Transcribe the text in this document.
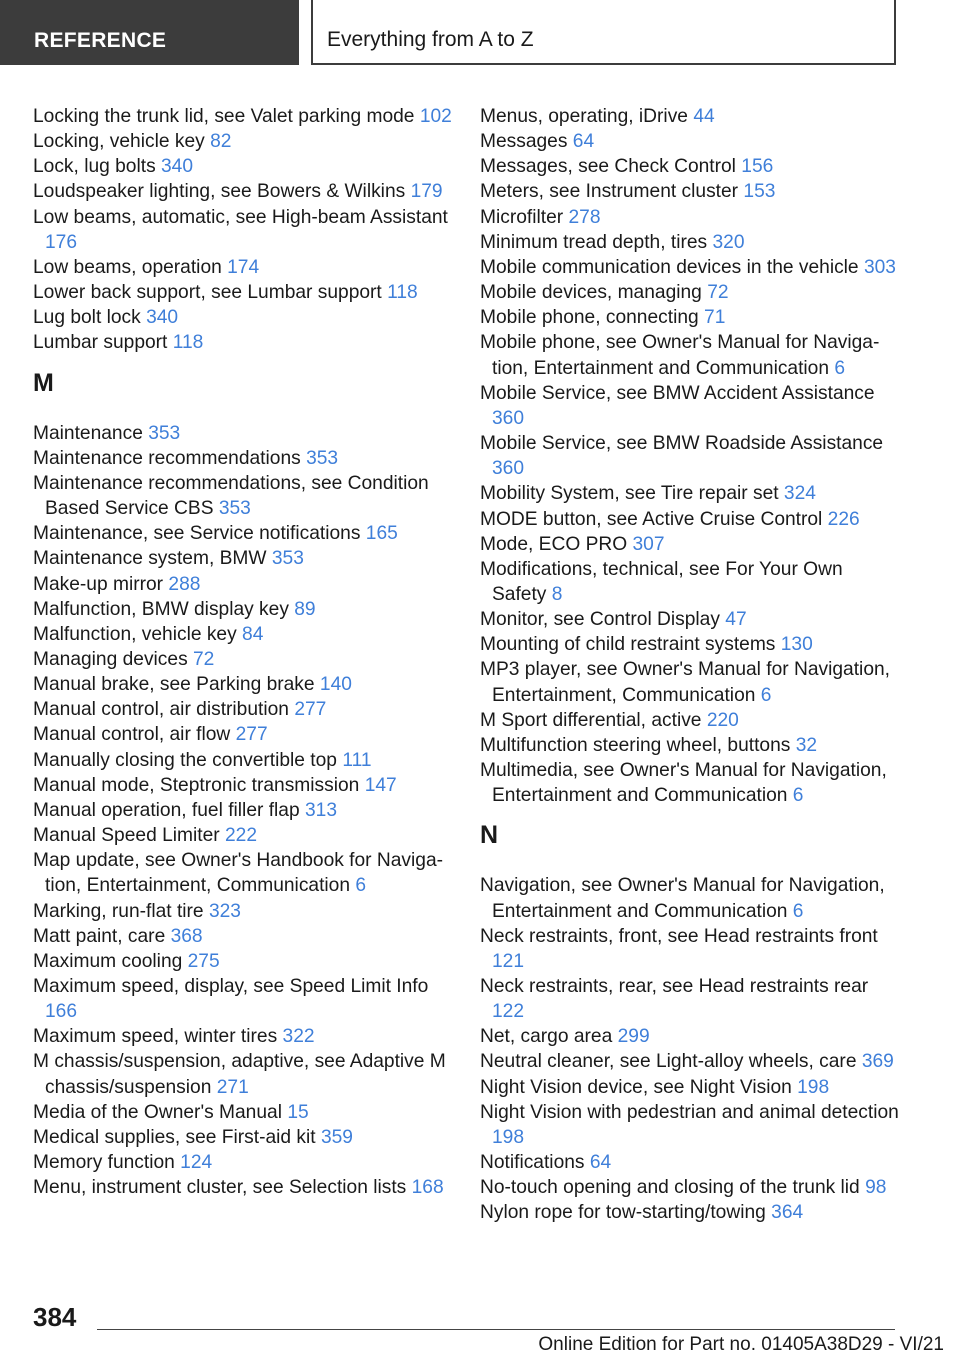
REFERENCE	Everything from A to Z
Locking the trunk lid, see Valet parking mode 102
Locking, vehicle key 82
Lock, lug bolts 340
Loudspeaker lighting, see Bowers & Wilkins 179
Low beams, automatic, see High-beam Assistant 176
Low beams, operation 174
Lower back support, see Lumbar support 118
Lug bolt lock 340
Lumbar support 118
M
Maintenance 353
Maintenance recommendations 353
Maintenance recommendations, see Condition Based Service CBS 353
Maintenance, see Service notifications 165
Maintenance system, BMW 353
Make-up mirror 288
Malfunction, BMW display key 89
Malfunction, vehicle key 84
Managing devices 72
Manual brake, see Parking brake 140
Manual control, air distribution 277
Manual control, air flow 277
Manually closing the convertible top 111
Manual mode, Steptronic transmission 147
Manual operation, fuel filler flap 313
Manual Speed Limiter 222
Map update, see Owner's Handbook for Navigation, Entertainment, Communication 6
Marking, run-flat tire 323
Matt paint, care 368
Maximum cooling 275
Maximum speed, display, see Speed Limit Info 166
Maximum speed, winter tires 322
M chassis/suspension, adaptive, see Adaptive M chassis/suspension 271
Media of the Owner's Manual 15
Medical supplies, see First-aid kit 359
Memory function 124
Menu, instrument cluster, see Selection lists 168
Menus, operating, iDrive 44
Messages 64
Messages, see Check Control 156
Meters, see Instrument cluster 153
Microfilter 278
Minimum tread depth, tires 320
Mobile communication devices in the vehicle 303
Mobile devices, managing 72
Mobile phone, connecting 71
Mobile phone, see Owner's Manual for Navigation, Entertainment and Communication 6
Mobile Service, see BMW Accident Assistance 360
Mobile Service, see BMW Roadside Assistance 360
Mobility System, see Tire repair set 324
MODE button, see Active Cruise Control 226
Mode, ECO PRO 307
Modifications, technical, see For Your Own Safety 8
Monitor, see Control Display 47
Mounting of child restraint systems 130
MP3 player, see Owner's Manual for Navigation, Entertainment, Communication 6
M Sport differential, active 220
Multifunction steering wheel, buttons 32
Multimedia, see Owner's Manual for Navigation, Entertainment and Communication 6
N
Navigation, see Owner's Manual for Navigation, Entertainment and Communication 6
Neck restraints, front, see Head restraints front 121
Neck restraints, rear, see Head restraints rear 122
Net, cargo area 299
Neutral cleaner, see Light-alloy wheels, care 369
Night Vision device, see Night Vision 198
Night Vision with pedestrian and animal detection 198
Notifications 64
No-touch opening and closing of the trunk lid 98
Nylon rope for tow-starting/towing 364
384
Online Edition for Part no. 01405A38D29 - VI/21
